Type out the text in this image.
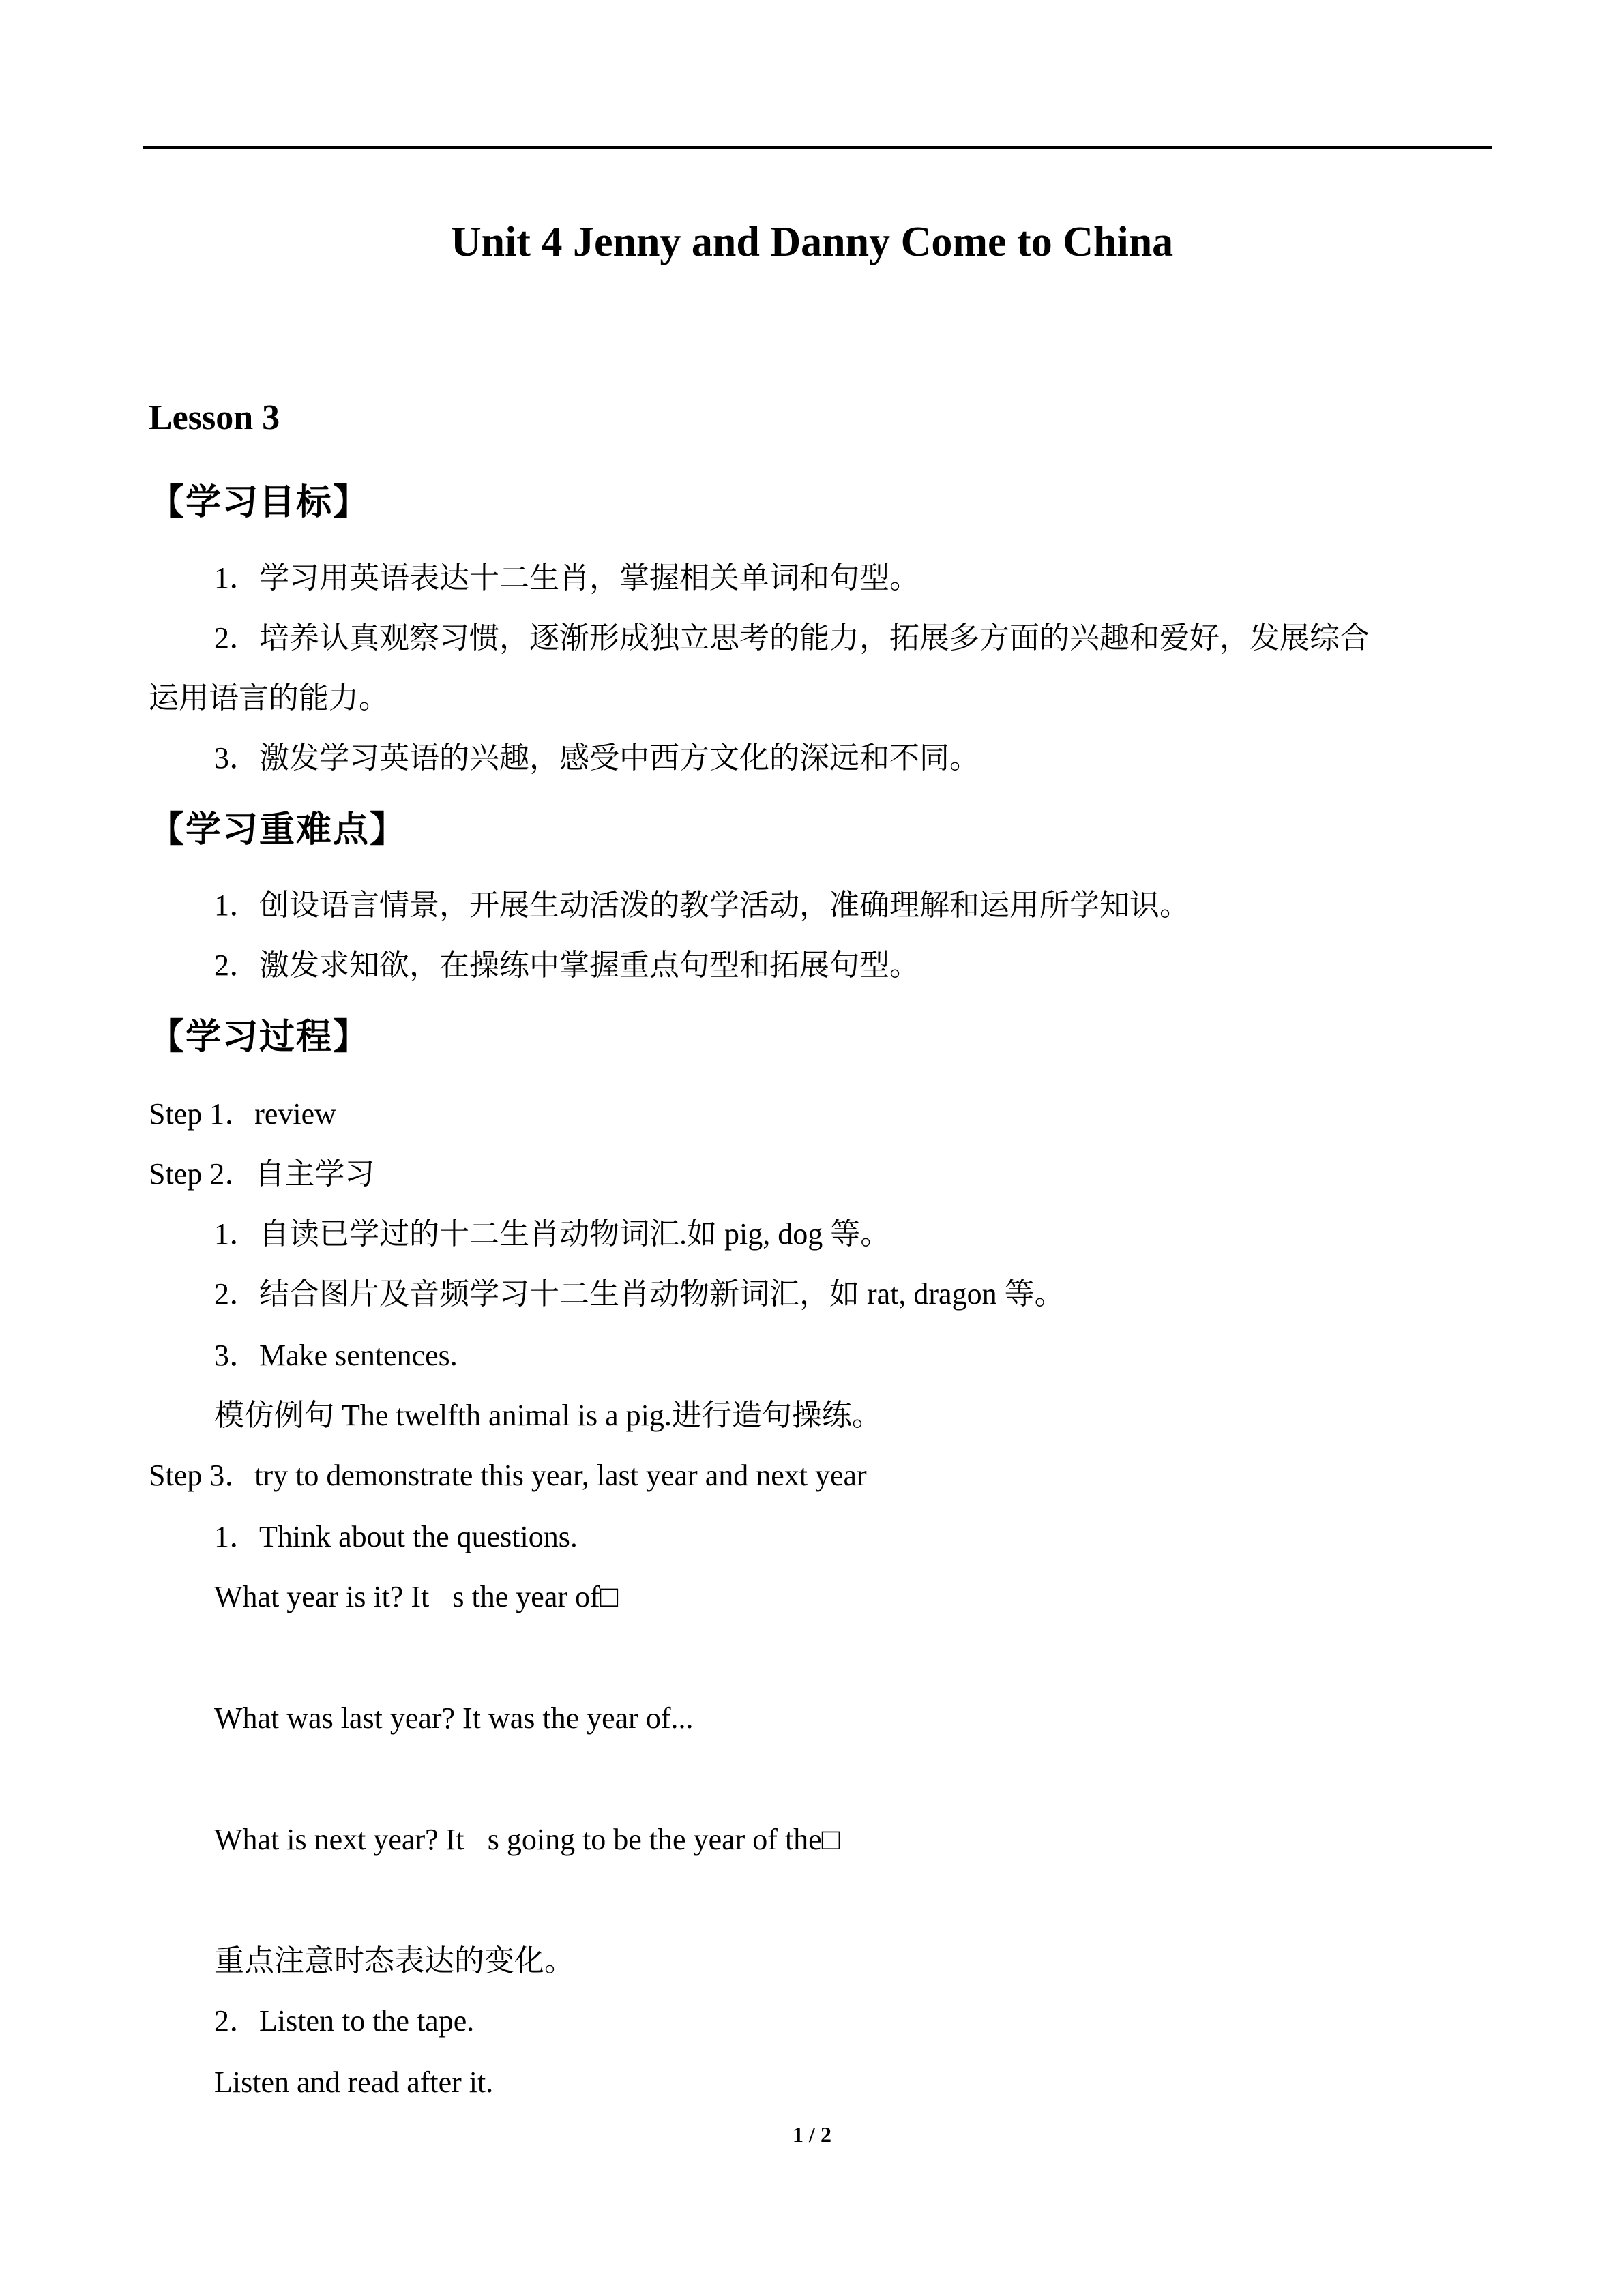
Unit 4 Jenny and Danny Come to China
Lesson 3
【学习目标】
1．学习用英语表达十二生肖，掌握相关单词和句型。
2．培养认真观察习惯，逐渐形成独立思考的能力，拓展多方面的兴趣和爱好，发展综合
运用语言的能力。
3．激发学习英语的兴趣，感受中西方文化的深远和不同。
【学习重难点】
1．创设语言情景，开展生动活泼的教学活动，准确理解和运用所学知识。
2．激发求知欲，在操练中掌握重点句型和拓展句型。
【学习过程】
Step 1．review
Step 2．自主学习
1．自读已学过的十二生肖动物词汇.如 pig, dog 等。
2．结合图片及音频学习十二生肖动物新词汇，如 rat, dragon 等。
3．Make sentences.
模仿例句 The twelfth animal is a pig.进行造句操练。
Step 3．try to demonstrate this year, last year and next year
1．Think about the questions.
What year is it? It⃟s the year of□
What was last year? It was the year of...
What is next year? It⃟s going to be the year of the□
重点注意时态表达的变化。
2．Listen to the tape.
Listen and read after it.
1 / 2
